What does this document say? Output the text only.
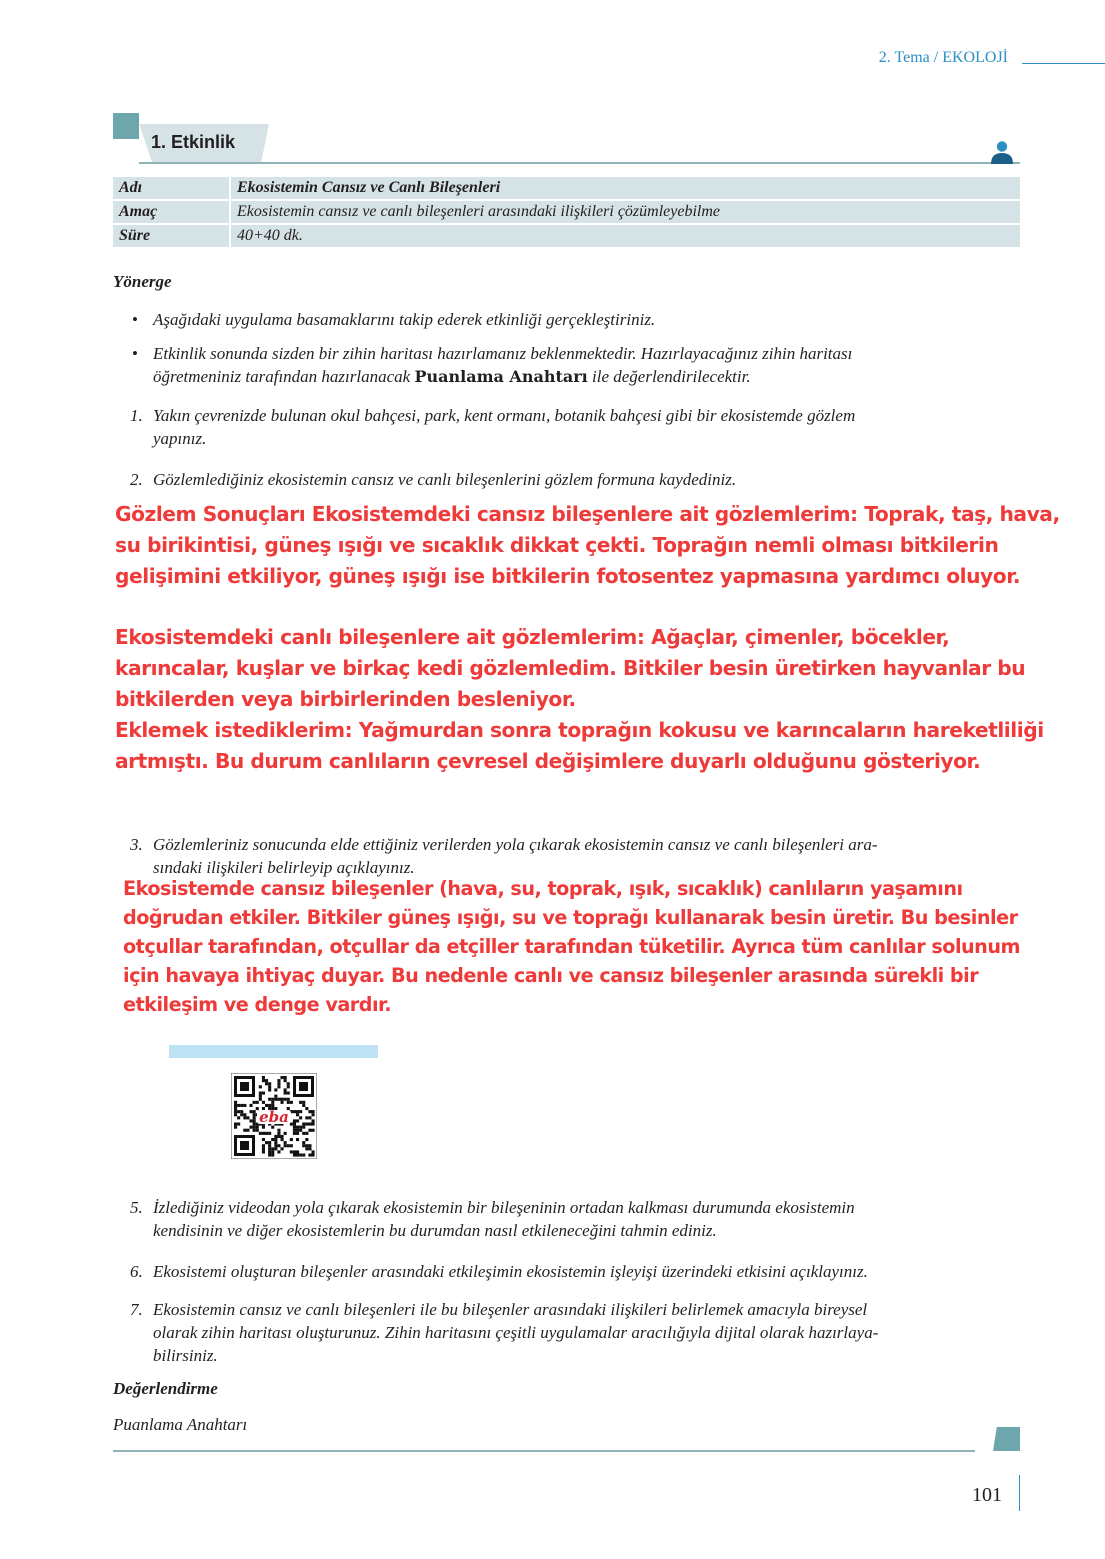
2. Tema / EKOLOJİ
1. Etkinlik
Adı	Ekosistemin Cansız ve Canlı Bileşenleri
Amaç	Ekosistemin cansız ve canlı bileşenleri arasındaki ilişkileri çözümleyebilme
Süre	40+40 dk.
Yönerge
• Aşağıdaki uygulama basamaklarını takip ederek etkinliği gerçekleştiriniz.
• Etkinlik sonunda sizden bir zihin haritası hazırlamanız beklenmektedir. Hazırlayacağınız zihin haritası
öğretmeniniz tarafından hazırlanacak Puanlama Anahtarı ile değerlendirilecektir.
1. Yakın çevrenizde bulunan okul bahçesi, park, kent ormanı, botanik bahçesi gibi bir ekosistemde gözlem
yapınız.
2. Gözlemlediğiniz ekosistemin cansız ve canlı bileşenlerini gözlem formuna kaydediniz.
Gözlem Sonuçları Ekosistemdeki cansız bileşenlere ait gözlemlerim: Toprak, taş, hava,
su birikintisi, güneş ışığı ve sıcaklık dikkat çekti. Toprağın nemli olması bitkilerin
gelişimini etkiliyor, güneş ışığı ise bitkilerin fotosentez yapmasına yardımcı oluyor.
Ekosistemdeki canlı bileşenlere ait gözlemlerim: Ağaçlar, çimenler, böcekler,
karıncalar, kuşlar ve birkaç kedi gözlemledim. Bitkiler besin üretirken hayvanlar bu
bitkilerden veya birbirlerinden besleniyor.
Eklemek istediklerim: Yağmurdan sonra toprağın kokusu ve karıncaların hareketliliği
artmıştı. Bu durum canlıların çevresel değişimlere duyarlı olduğunu gösteriyor.
3. Gözlemleriniz sonucunda elde ettiğiniz verilerden yola çıkarak ekosistemin cansız ve canlı bileşenleri ara-
sındaki ilişkileri belirleyip açıklayınız.
Ekosistemde cansız bileşenler (hava, su, toprak, ışık, sıcaklık) canlıların yaşamını
doğrudan etkiler. Bitkiler güneş ışığı, su ve toprağı kullanarak besin üretir. Bu besinler
otçullar tarafından, otçullar da etçiller tarafından tüketilir. Ayrıca tüm canlılar solunum
için havaya ihtiyaç duyar. Bu nedenle canlı ve cansız bileşenler arasında sürekli bir
etkileşim ve denge vardır.
eba
5. İzlediğiniz videodan yola çıkarak ekosistemin bir bileşeninin ortadan kalkması durumunda ekosistemin
kendisinin ve diğer ekosistemlerin bu durumdan nasıl etkileneceğini tahmin ediniz.
6. Ekosistemi oluşturan bileşenler arasındaki etkileşimin ekosistemin işleyişi üzerindeki etkisini açıklayınız.
7. Ekosistemin cansız ve canlı bileşenleri ile bu bileşenler arasındaki ilişkileri belirlemek amacıyla bireysel
olarak zihin haritası oluşturunuz. Zihin haritasını çeşitli uygulamalar aracılığıyla dijital olarak hazırlaya-
bilirsiniz.
Değerlendirme
Puanlama Anahtarı
101
